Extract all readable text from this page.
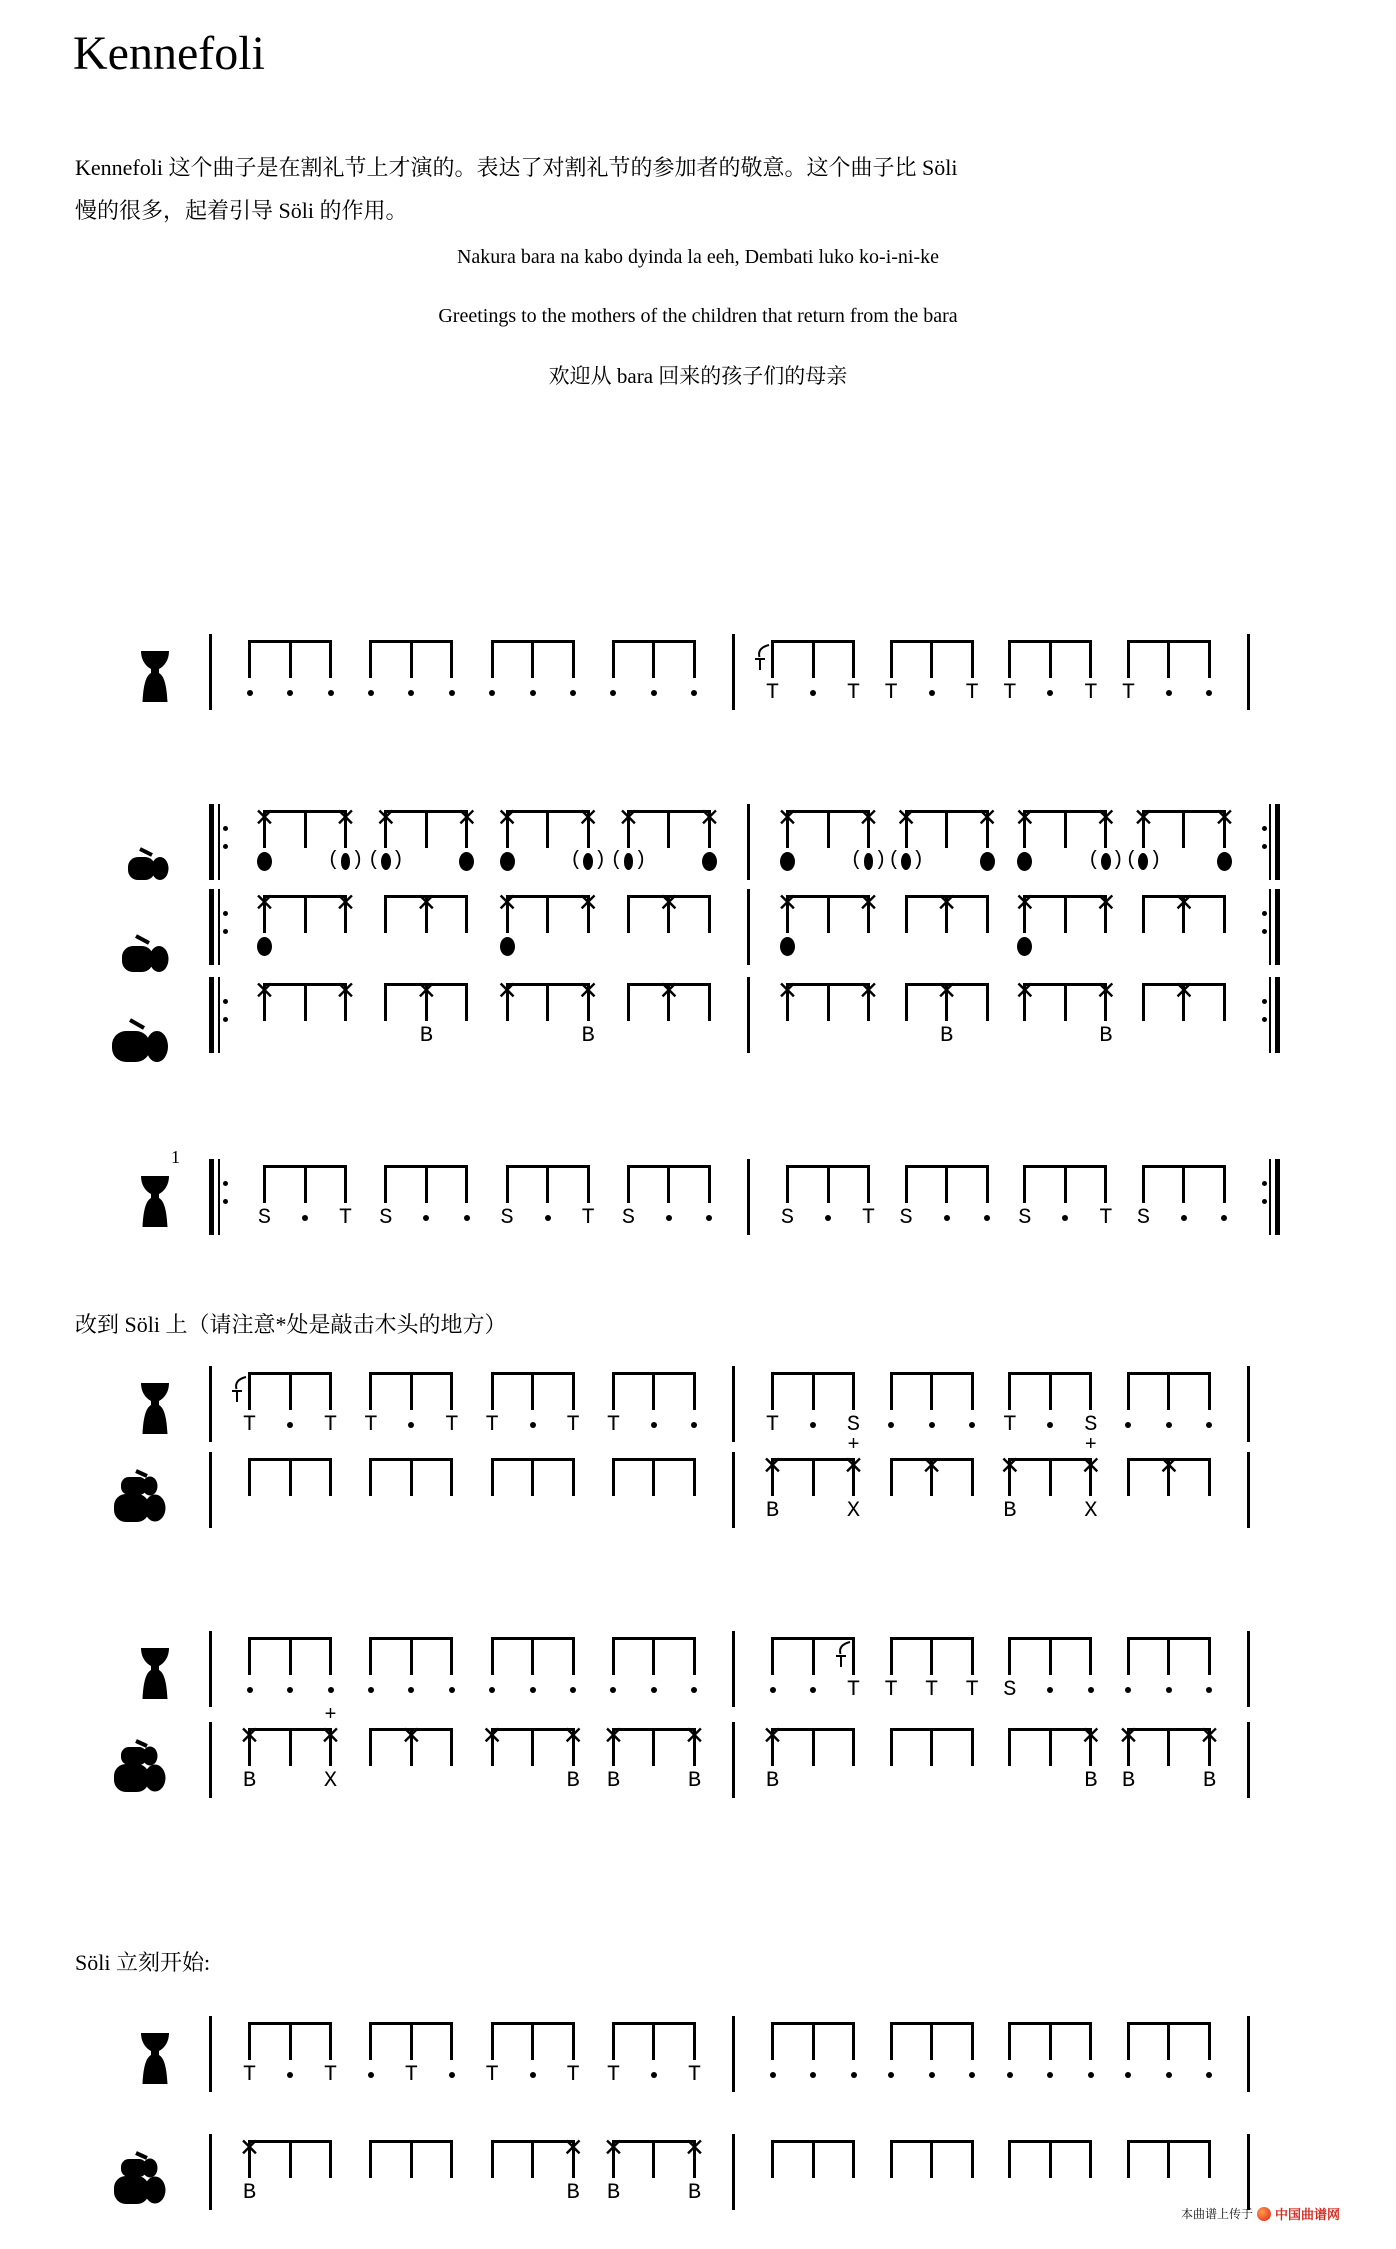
Kennefoli
Kennefoli 这个曲子是在割礼节上才演的。表达了对割礼节的参加者的敬意。这个曲子比 Söli
慢的很多，起着引导 Söli 的作用。
Nakura bara na kabo dyinda la eeh, Dembati luko ko-i-ni-ke
Greetings to the mothers of the children that return from the bara
欢迎从 bara 回来的孩子们的母亲
改到 Söli 上（请注意*处是敲击木头的地方）
Söli 立刻开始:
T	T T	T T	T T
✕ ✕
( )
✕
( )
✕ ✕ ✕
( )
✕
( )
✕ ✕ ✕
( )
✕
( )
✕ ✕ ✕
( )
✕
( )
✕
✕ ✕ ✕ ✕ ✕ ✕	✕ ✕ ✕ ✕ ✕ ✕
✕ ✕ ✕
B
✕ ✕
B
✕	✕ ✕ ✕
B
✕ ✕
B
✕
1
S	T S	S	T S	S	T S	S	T S
T	T T	T T	T T	T	S	T	S
✕
B
✕
+
X
✕ ✕
B
✕
+
X
✕
T T T T S
✕
B
✕
+
X
✕ ✕ ✕
B
✕
B
✕
B
✕
B
✕
B
✕
B
✕
B
T	T	T	T	T T	T
✕
B
✕
B
✕
B
✕
B
本曲谱上传于 中国曲谱网
